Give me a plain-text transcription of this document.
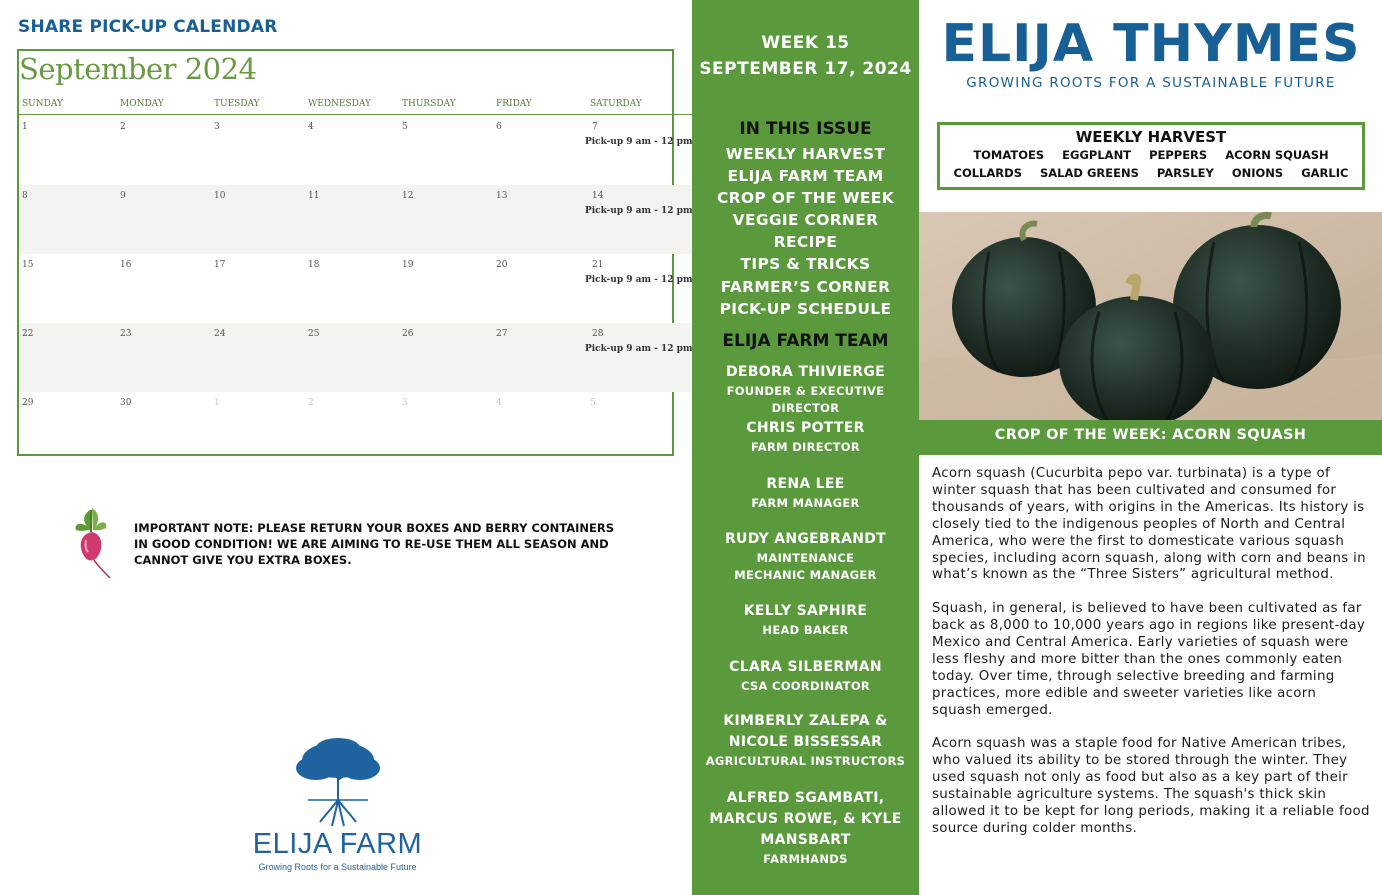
SHARE PICK-UP CALENDAR
September 2024
SUNDAY	MONDAY	TUESDAY	WEDNESDAY	THURSDAY	FRIDAY	SATURDAY
1	2	3	4	5	6	7
Pick-up 9 am - 12 pm
8	9	10	11	12	13	14
Pick-up 9 am - 12 pm
15	16	17	18	19	20	21
Pick-up 9 am - 12 pm
22	23	24	25	26	27	28
Pick-up 9 am - 12 pm
29	30	1	2	3	4	5
IMPORTANT NOTE: PLEASE RETURN YOUR BOXES AND BERRY CONTAINERS IN GOOD CONDITION! WE ARE AIMING TO RE-USE THEM ALL SEASON AND CANNOT GIVE YOU EXTRA BOXES.
ELIJA FARM
Growing Roots for a Sustainable Future
WEEK 15
SEPTEMBER 17, 2024
IN THIS ISSUE
WEEKLY HARVEST
ELIJA FARM TEAM
CROP OF THE WEEK
VEGGIE CORNER
RECIPE
TIPS & TRICKS
FARMER’S CORNER
PICK-UP SCHEDULE
ELIJA FARM TEAM
DEBORA THIVIERGE
FOUNDER & EXECUTIVE DIRECTOR
CHRIS POTTER
FARM DIRECTOR
RENA LEE
FARM MANAGER
RUDY ANGEBRANDT
MAINTENANCE MECHANIC MANAGER
KELLY SAPHIRE
HEAD BAKER
CLARA SILBERMAN
CSA COORDINATOR
KIMBERLY ZALEPA & NICOLE BISSESSAR
AGRICULTURAL INSTRUCTORS
ALFRED SGAMBATI, MARCUS ROWE, & KYLE MANSBART
FARMHANDS
ELIJA THYMES
GROWING ROOTS FOR A SUSTAINABLE FUTURE
WEEKLY HARVEST
TOMATOES EGGPLANT PEPPERS ACORN SQUASH
COLLARDS SALAD GREENS PARSLEY ONIONS GARLIC
CROP OF THE WEEK: ACORN SQUASH

Acorn squash (Cucurbita pepo var. turbinata) is a type of winter squash that has been cultivated and consumed for thousands of years, with origins in the Americas. Its history is closely tied to the indigenous peoples of North and Central America, who were the first to domesticate various squash species, including acorn squash, along with corn and beans in what’s known as the “Three Sisters” agricultural method.

Squash, in general, is believed to have been cultivated as far back as 8,000 to 10,000 years ago in regions like present-day Mexico and Central America. Early varieties of squash were less fleshy and more bitter than the ones commonly eaten today. Over time, through selective breeding and farming practices, more edible and sweeter varieties like acorn squash emerged.

Acorn squash was a staple food for Native American tribes, who valued its ability to be stored through the winter. They used squash not only as food but also as a key part of their sustainable agriculture systems. The squash's thick skin allowed it to be kept for long periods, making it a reliable food source during colder months.
